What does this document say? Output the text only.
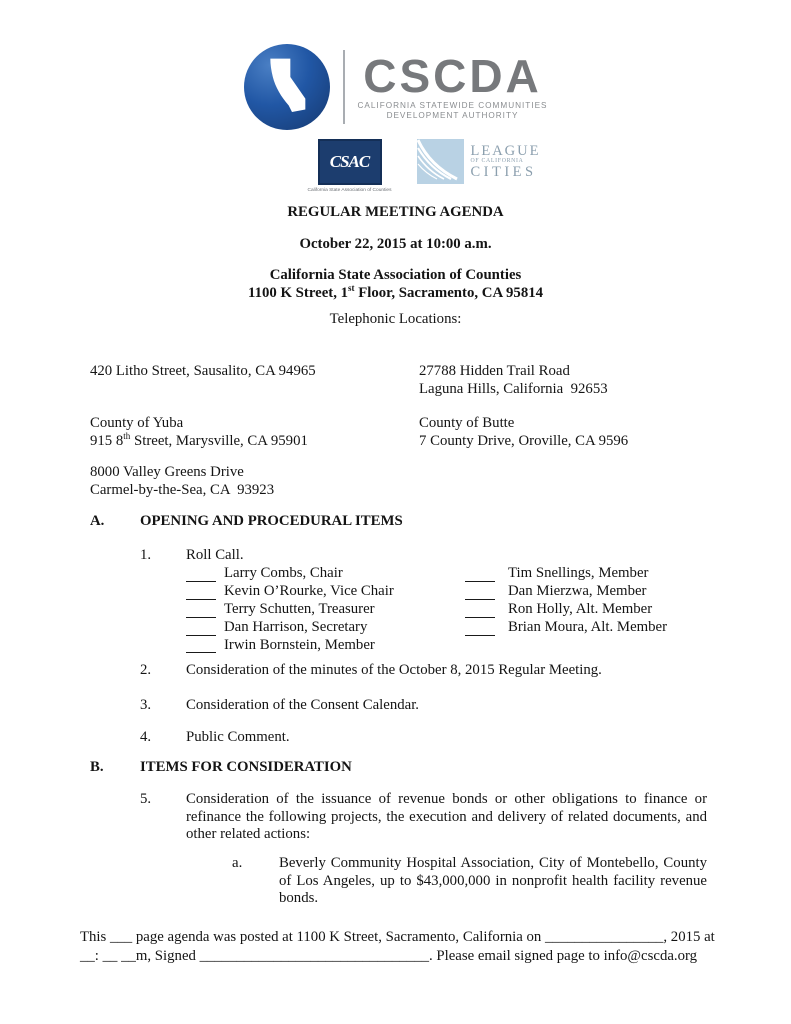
CSCDA
CALIFORNIA STATEWIDE COMMUNITIES
DEVELOPMENT AUTHORITY
CSAC
California State Association of Counties
LEAGUE
OF CALIFORNIA
CITIES
REGULAR MEETING AGENDA
October 22, 2015 at 10:00 a.m.
California State Association of Counties
1100 K Street, 1st Floor, Sacramento, CA 95814
Telephonic Locations:
420 Litho Street, Sausalito, CA 94965	27788 Hidden Trail Road
Laguna Hills, California  92653
County of Yuba
915 8th Street, Marysville, CA 95901
County of Butte
7 County Drive, Oroville, CA 9596
8000 Valley Greens Drive
Carmel-by-the-Sea, CA  93923
A.	OPENING AND PROCEDURAL ITEMS
1.	Roll Call.
Larry Combs, Chair	Tim Snellings, Member
Kevin O’Rourke, Vice Chair	Dan Mierzwa, Member
Terry Schutten, Treasurer	Ron Holly, Alt. Member
Dan Harrison, Secretary	Brian Moura, Alt. Member
Irwin Bornstein, Member
2.	Consideration of the minutes of the October 8, 2015 Regular Meeting.
3.	Consideration of the Consent Calendar.
4.	Public Comment.
B.	ITEMS FOR CONSIDERATION
5.	Consideration of the issuance of revenue bonds or other obligations to finance or refinance the following projects, the execution and delivery of related documents, and other related actions:
a.	Beverly Community Hospital Association, City of Montebello, County of Los Angeles, up to $43,000,000 in nonprofit health facility revenue bonds.

This ___ page agenda was posted at 1100 K Street, Sacramento, California on ________________, 2015 at

__: __ __m, Signed _______________________________. Please email signed page to info@cscda.org
